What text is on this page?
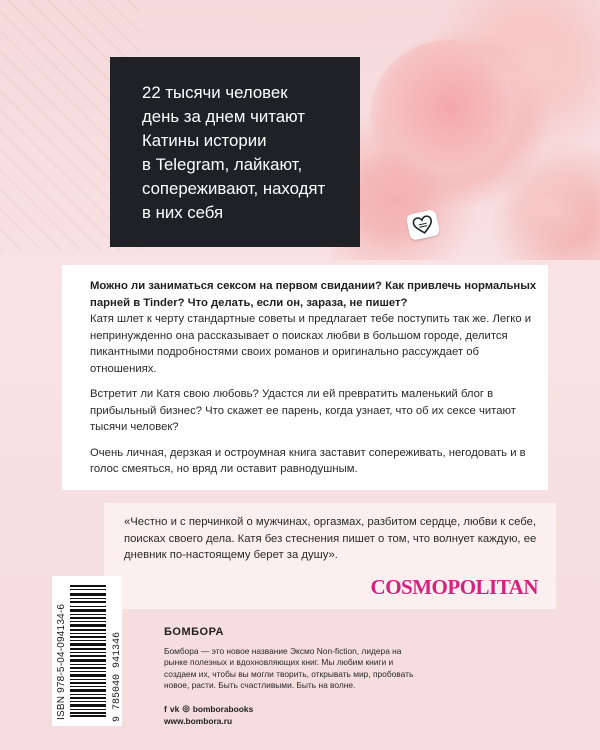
22 тысячи человек
день за днем читают
Катины истории
в Telegram, лайкают,
сопереживают, находят
в них себя

Можно ли заниматься сексом на первом свидании? Как привлечь нормальных парней в Tinder? Что делать, если он, зараза, не пишет?

Катя шлет к черту стандартные советы и предлагает тебе поступить так же. Легко и непринужденно она рассказывает о поисках любви в большом городе, делится пикантными подробностями своих романов и оригинально рассуждает об отношениях.

Встретит ли Катя свою любовь? Удастся ли ей превратить маленький блог в прибыльный бизнес? Что скажет ее парень, когда узнает, что об их сексе читают тысячи человек?

Очень личная, дерзкая и остроумная книга заставит сопереживать, негодовать и в голос смеяться, но вряд ли оставит равнодушным.

«Честно и с перчинкой о мужчинах, оргазмах, разбитом сердце, любви к себе, поисках своего дела. Катя без стеснения пишет о том, что волнует каждую, ее дневник по-настоящему берет за душу».

COSMOPOLITAN
ISBN 978-5-04-094134-6	9 785040 941346	БОМБОРА

Бомбора — это новое название Эксмо Non-fiction, лидера на рынке полезных и вдохновляющих книг. Мы любим книги и создаем их, чтобы вы могли творить, открывать мир, пробовать новое, расти. Быть счастливыми. Быть на волне.

f vk ◎ bomborabooks
www.bombora.ru
